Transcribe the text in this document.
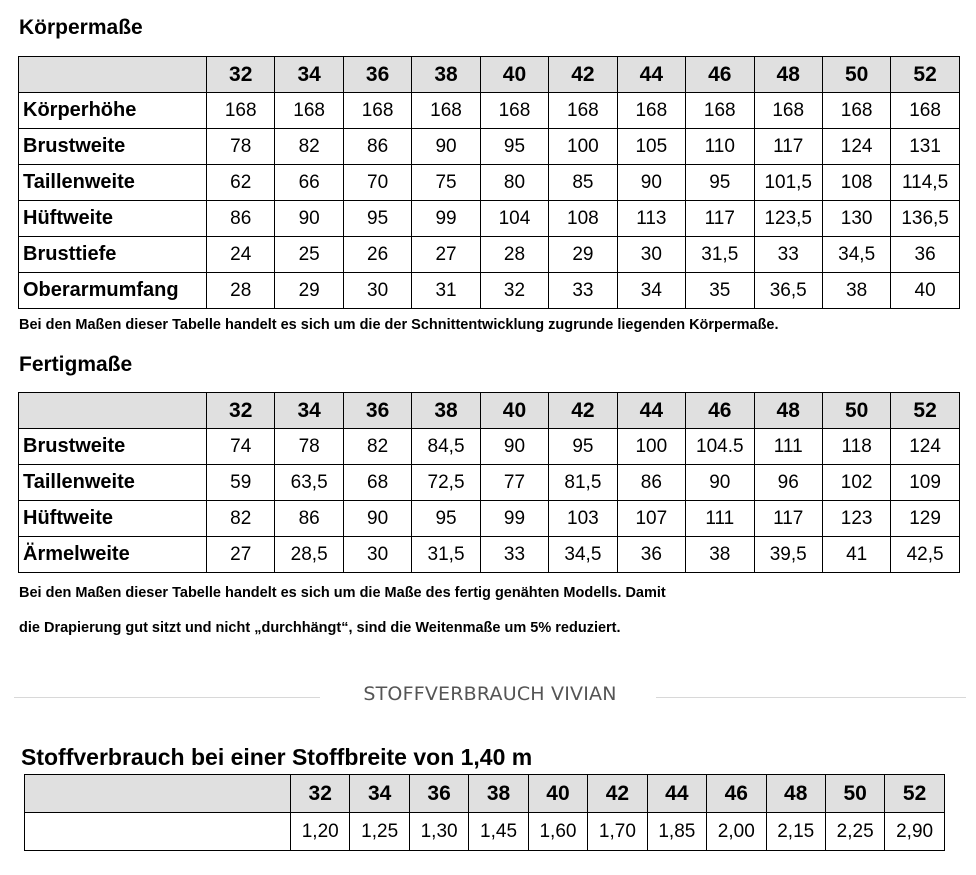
Körpermaße
	32	34	36	38	40	42	44	46	48	50	52
Körperhöhe	168	168	168	168	168	168	168	168	168	168	168
Brustweite	78	82	86	90	95	100	105	110	117	124	131
Taillenweite	62	66	70	75	80	85	90	95	101,5	108	114,5
Hüftweite	86	90	95	99	104	108	113	117	123,5	130	136,5
Brusttiefe	24	25	26	27	28	29	30	31,5	33	34,5	36
Oberarmumfang	28	29	30	31	32	33	34	35	36,5	38	40
Bei den Maßen dieser Tabelle handelt es sich um die der Schnittentwicklung zugrunde liegenden Körpermaße.
Fertigmaße
	32	34	36	38	40	42	44	46	48	50	52
Brustweite	74	78	82	84,5	90	95	100	104.5	111	118	124
Taillenweite	59	63,5	68	72,5	77	81,5	86	90	96	102	109
Hüftweite	82	86	90	95	99	103	107	111	117	123	129
Ärmelweite	27	28,5	30	31,5	33	34,5	36	38	39,5	41	42,5
Bei den Maßen dieser Tabelle handelt es sich um die Maße des fertig genähten Modells. Damit
die Drapierung gut sitzt und nicht „durchhängt“, sind die Weitenmaße um 5% reduziert.
STOFFVERBRAUCH VIVIAN
Stoffverbrauch bei einer Stoffbreite von 1,40 m
	32	34	36	38	40	42	44	46	48	50	52
	1,20	1,25	1,30	1,45	1,60	1,70	1,85	2,00	2,15	2,25	2,90
